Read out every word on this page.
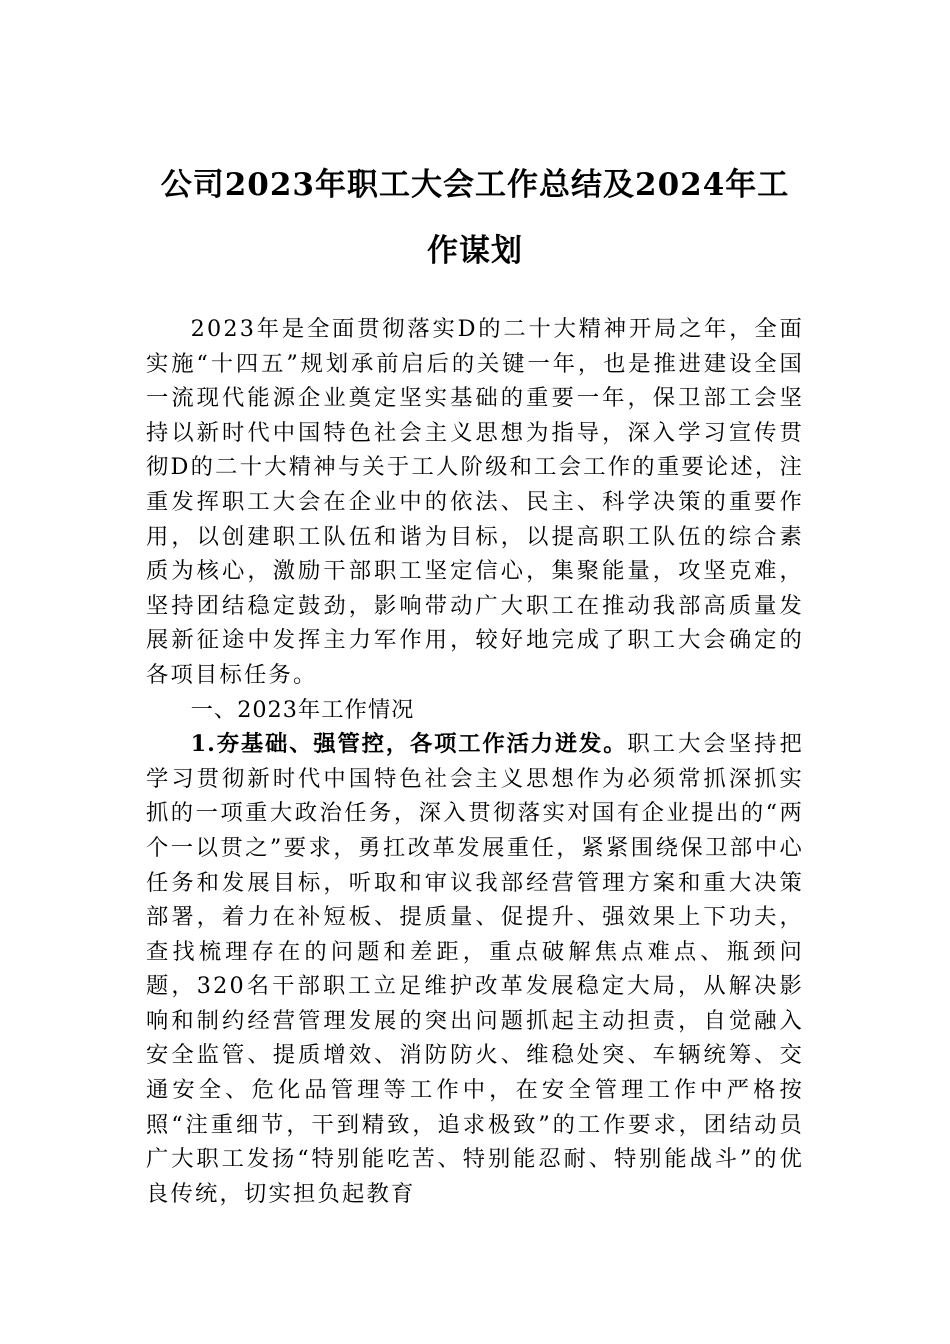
公司2023年职工大会工作总结及2024年工
作谋划

2023年是全面贯彻落实D的二十大精神开局之年，全面实施“十四五”规划承前启后的关键一年，也是推进建设全国一流现代能源企业奠定坚实基础的重要一年，保卫部工会坚持以新时代中国特色社会主义思想为指导，深入学习宣传贯彻D的二十大精神与关于工人阶级和工会工作的重要论述，注重发挥职工大会在企业中的依法、民主、科学决策的重要作用，以创建职工队伍和谐为目标，以提高职工队伍的综合素质为核心，激励干部职工坚定信心，集聚能量，攻坚克难，坚持团结稳定鼓劲，影响带动广大职工在推动我部高质量发展新征途中发挥主力军作用，较好地完成了职工大会确定的各项目标任务。

一、2023年工作情况

1.夯基础、强管控，各项工作活力迸发。职工大会坚持把学习贯彻新时代中国特色社会主义思想作为必须常抓深抓实抓的一项重大政治任务，深入贯彻落实对国有企业提出的“两个一以贯之”要求，勇扛改革发展重任，紧紧围绕保卫部中心任务和发展目标，听取和审议我部经营管理方案和重大决策部署，着力在补短板、提质量、促提升、强效果上下功夫，查找梳理存在的问题和差距，重点破解焦点难点、瓶颈问题，320名干部职工立足维护改革发展稳定大局，从解决影响和制约经营管理发展的突出问题抓起主动担责，自觉融入安全监管、提质增效、消防防火、维稳处突、车辆统筹、交通安全、危化品管理等工作中，在安全管理工作中严格按照“注重细节，干到精致，追求极致”的工作要求，团结动员广大职工发扬“特别能吃苦、特别能忍耐、特别能战斗”的优良传统，切实担负起教育
